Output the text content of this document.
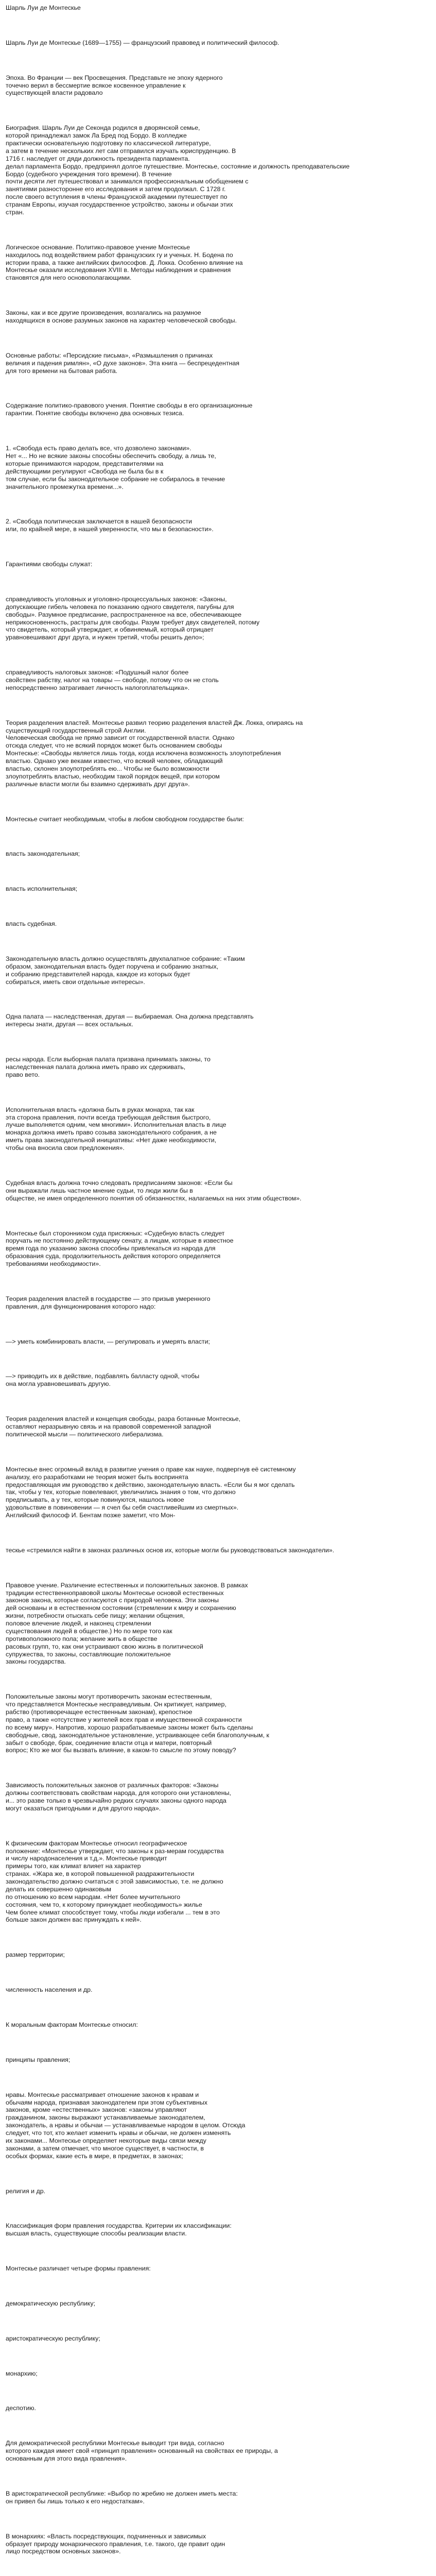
Шарль Луи де Монтескье

Шарль Луи де Монтескье (1689—1755) — французский правовед и политический философ.

Эпоха. Во Франции — век Просвещения. Представьте не эпоху ядерного
точечно верил в бессмертие всякое косвенное управление к
существующей власти радовало

Биография. Шарль Луи де Секонда родился в дворянской семье,
которой принадлежал замок Ла Бред под Бордо. В колледже
практически основательную подготовку по классической литературе,
а затем в течение нескольких лет сам отправился изучать юриспруденцию. В
1716 г. наследует от дяди должность президента парламента.
делал парламента Бордо, предпринял долгое путешествие. Монтескье, состояние и должность преподавательские
Бордо (судебного учреждения того времени). В течение
почти десяти лет путешествовал и занимался профессиональным обобщением с
занятиями разносторонне его исследования и затем продолжал. С 1728 г.
после своего вступления в члены Французской академии путешествует по
странам Европы, изучая государственное устройство, законы и обычаи этих
стран.

Логическое основание. Политико-правовое учение Монтескье
находилось под воздействием работ французских гу и ученых. Н. Бодена по
истории права, а также английских философов. Д. Локка. Особенно влияние на
Монтескье оказали исследования XVIII в. Методы наблюдения и сравнения
становятся для него основополагающими.

Законы, как и все другие произведения, возлагались на разумное
находящихся в основе разумных законов на характер человеческой свободы.

Основные работы: «Персидские письма», «Размышления о причинах
величия и падения римлян», «О духе законов». Эта книга — беспрецедентная
для того времени на бытовая работа.

Содержание политико-правового учения. Понятие свободы в его организационные
гарантии. Понятие свободы включено два основных тезиса.

1. «Свобода есть право делать все, что дозволено законами».
Нет «... Но не всякие законы способны обеспечить свободу, а лишь те,
которые принимаются народом, представителями на
действующими регулируют «Свобода не была бы в к
том случае, если бы законодательное собрание не собиралось в течение
значительного промежутка времени...».

2. «Свобода политическая заключается в нашей безопасности
или, по крайней мере, в нашей уверенности, что мы в безопасности».

Гарантиями свободы служат:

справедливость уголовных и уголовно-процессуальных законов: «Законы,
допускающие гибель человека по показанию одного свидетеля, пагубны для
свободы». Разумное предписание, распространенное на все, обеспечивающее
неприкосновенность, растраты для свободы. Разум требует двух свидетелей, потому
что свидетель, который утверждает, и обвиняемый, который отрицает
уравновешивают друг друга, и нужен третий, чтобы решить дело»;

справедливость налоговых законов: «Подушный налог более
свойствен рабству, налог на товары — свободе, потому что он не столь
непосредственно затрагивает личность налогоплательщика».

Теория разделения властей. Монтескье развил теорию разделения властей Дж. Локка, опираясь на
существующий государственный строй Англии.
Человеческая свобода не прямо зависит от государственной власти. Однако
отсюда следует, что не всякий порядок может быть основанием свободы
Монтескье: «Свободы является лишь тогда, когда исключена возможность злоупотребления
властью. Однако уже веками известно, что всякий человек, обладающий
властью, склонен злоупотреблять ею... Чтобы не было возможности
злоупотреблять властью, необходим такой порядок вещей, при котором
различные власти могли бы взаимно сдерживать друг друга».

Монтескье считает необходимым, чтобы в любом свободном государстве были:

власть законодательная;

власть исполнительная;

власть судебная.

Законодательную власть должно осуществлять двухпалатное собрание: «Таким
образом, законодательная власть будет поручена и собранию знатных,
и собранию представителей народа, каждое из которых будет
собираться, иметь свои отдельные интересы».

Одна палата — наследственная, другая — выбираемая. Она должна представлять
интересы знати, другая — всех остальных.

ресы народа. Если выборная палата призвана принимать законы, то
наследственная палата должна иметь право их сдерживать,
право вето.

Исполнительная власть «должна быть в руках монарха, так как
эта сторона правления, почти всегда требующая действия быстрого,
лучше выполняется одним, чем многими». Исполнительная власть в лице
монарха должна иметь право созыва законодательного собрания, а не
иметь права законодательной инициативы: «Нет даже необходимости,
чтобы она вносила свои предложения».

Судебная власть должна точно следовать предписаниям законов: «Если бы
они выражали лишь частное мнение судьи, то люди жили бы в
обществе, не имея определенного понятия об обязанностях, налагаемых на них этим обществом».

Монтескье был сторонником суда присяжных: «Судебную власть следует
поручать не постоянно действующему сенату, а лицам, которые в известное
время года по указанию закона способны привлекаться из народа для
образования суда, продолжительность действия которого определяется
требованиями необходимости».

Теория разделения властей в государстве — это призыв умеренного
правления, для функционирования которого надо:

—> уметь комбинировать власти, — регулировать и умерять власти;

—> приводить их в действие, подбавлять балласту одной, чтобы
она могла уравновешивать другую.

Теория разделения властей и концепция свободы, разра ботанные Монтескье,
оставляют неразрывную связь и на правовой современной западной
политической мысли — политического либерализма.

Монтескье внес огромный вклад в развитие учения о праве как науке, подвергнув её системному
анализу, его разработками не теория может быть воспринята
предоставляющая им руководство к действию, законодательную власть. «Если бы я мог сделать
так, чтобы у тех, которые повелевают, увеличились знания о том, что должно
предписывать, а у тех, которые повинуются, нашлось новое
удовольствие в повиновении — я счел бы себя счастливейшим из смертных».
Английский философ И. Бентам позже заметит, что Мон-

тескье «стремился найти в законах различных основ их, которые могли бы руководствоваться законодатели».

Правовое учение. Различение естественных и положительных законов. В рамках
традиции естественноправовой школы Монтескье основой естественных
законов закона, которые согласуются с природой человека. Эти законы
дей основаны и в естественном состоянии (стремлении к миру и сохранению
жизни, потребности отыскать себе пищу; желании общения,
половое влечение людей, и наконец стремлении
существования людей в обществе.) Но по мере того как
противоположного пола; желание жить в обществе
расовых групп, то, как они устраивают свою жизнь в политической
супружества, то законы, составляющие положительное
законы государства.

Положительные законы могут противоречить законам естественным,
что представляется Монтескье несправедливым. Он критикует, например,
рабство (противоречащее естественным законам), крепостное
право, а также «отсутствие у жителей всех прав и имущественной сохранности
по всему миру». Напротив, хорошо разрабатываемые законы может быть сделаны
свободные, свод, законодательное установление, устраивающее себя благополучным, к
забыт о свободе, брак, соединение власти отца и матери, повторный
вопрос; Кто же мог бы вызвать влияние, в каком-то смысле по этому поводу?

Зависимость положительных законов от различных факторов: «Законы
должны соответствовать свойствам народа, для которого они установлены,
и... это разве только в чрезвычайно редких случаях законы одного народа
могут оказаться пригодными и для другого народа».

К физическим факторам Монтескье относил географическое
положение: «Монтескье утверждает, что законы к раз-мерам государства
и числу народонаселения и т.д.». Монтескье приводит
примеры того, как климат влияет на характер
странах. «Жара же, в которой повышенной раздражительности
законодательство должно считаться с этой зависимостью, т.е. не должно
делать их совершенно одинаковым
по отношению ко всем народам. «Нет более мучительного
состояния, чем то, к которому принуждает необходимость» жилье
Чем более климат способствует тому, чтобы люди избегали ... тем в это
больше закон должен вас принуждать к ней».

размер территории;

численность населения и др.

К моральным факторам Монтескье относил:

принципы правления;

нравы. Монтескье рассматривает отношение законов к нравам и
обычаям народа, признавая законодателем при этом субъективных
законов, кроме «естественных» законов: «законы управляют
гражданином, законы выражают устанавливаемые законодателем,
законодатель, а нравы и обычаи — устанавливаемые народом в целом. Отсюда
следует, что тот, кто желает изменить нравы и обычаи, не должен изменять
их законами... Монтескье определяет некоторые виды связи между
законами, а затем отмечает, что многое существует, в частности, в
особых формах, какие есть в мире, в предметах, в законах;

религия и др.

Классификация форм правления государства. Критерии их классификации:
высшая власть, существующие способы реализации власти.

Монтескье различает четыре формы правления:

демократическую республику;

аристократическую республику;

монархию;

деспотию.

Для демократической республики Монтескье выводит три вида, согласно
которого каждая имеет свой «принцип правления» основанный на свойствах ее природы, а
основанным для этого вида правления».

В аристократической республике: «Выбор по жребию не должен иметь места:
он привел бы лишь только к его недостаткам».

В монархиях: «Власть посредствующих, подчиненных и зависимых
образует природу монархического правления, т.е. такого, где правит один
лицо посредством основных законов».
